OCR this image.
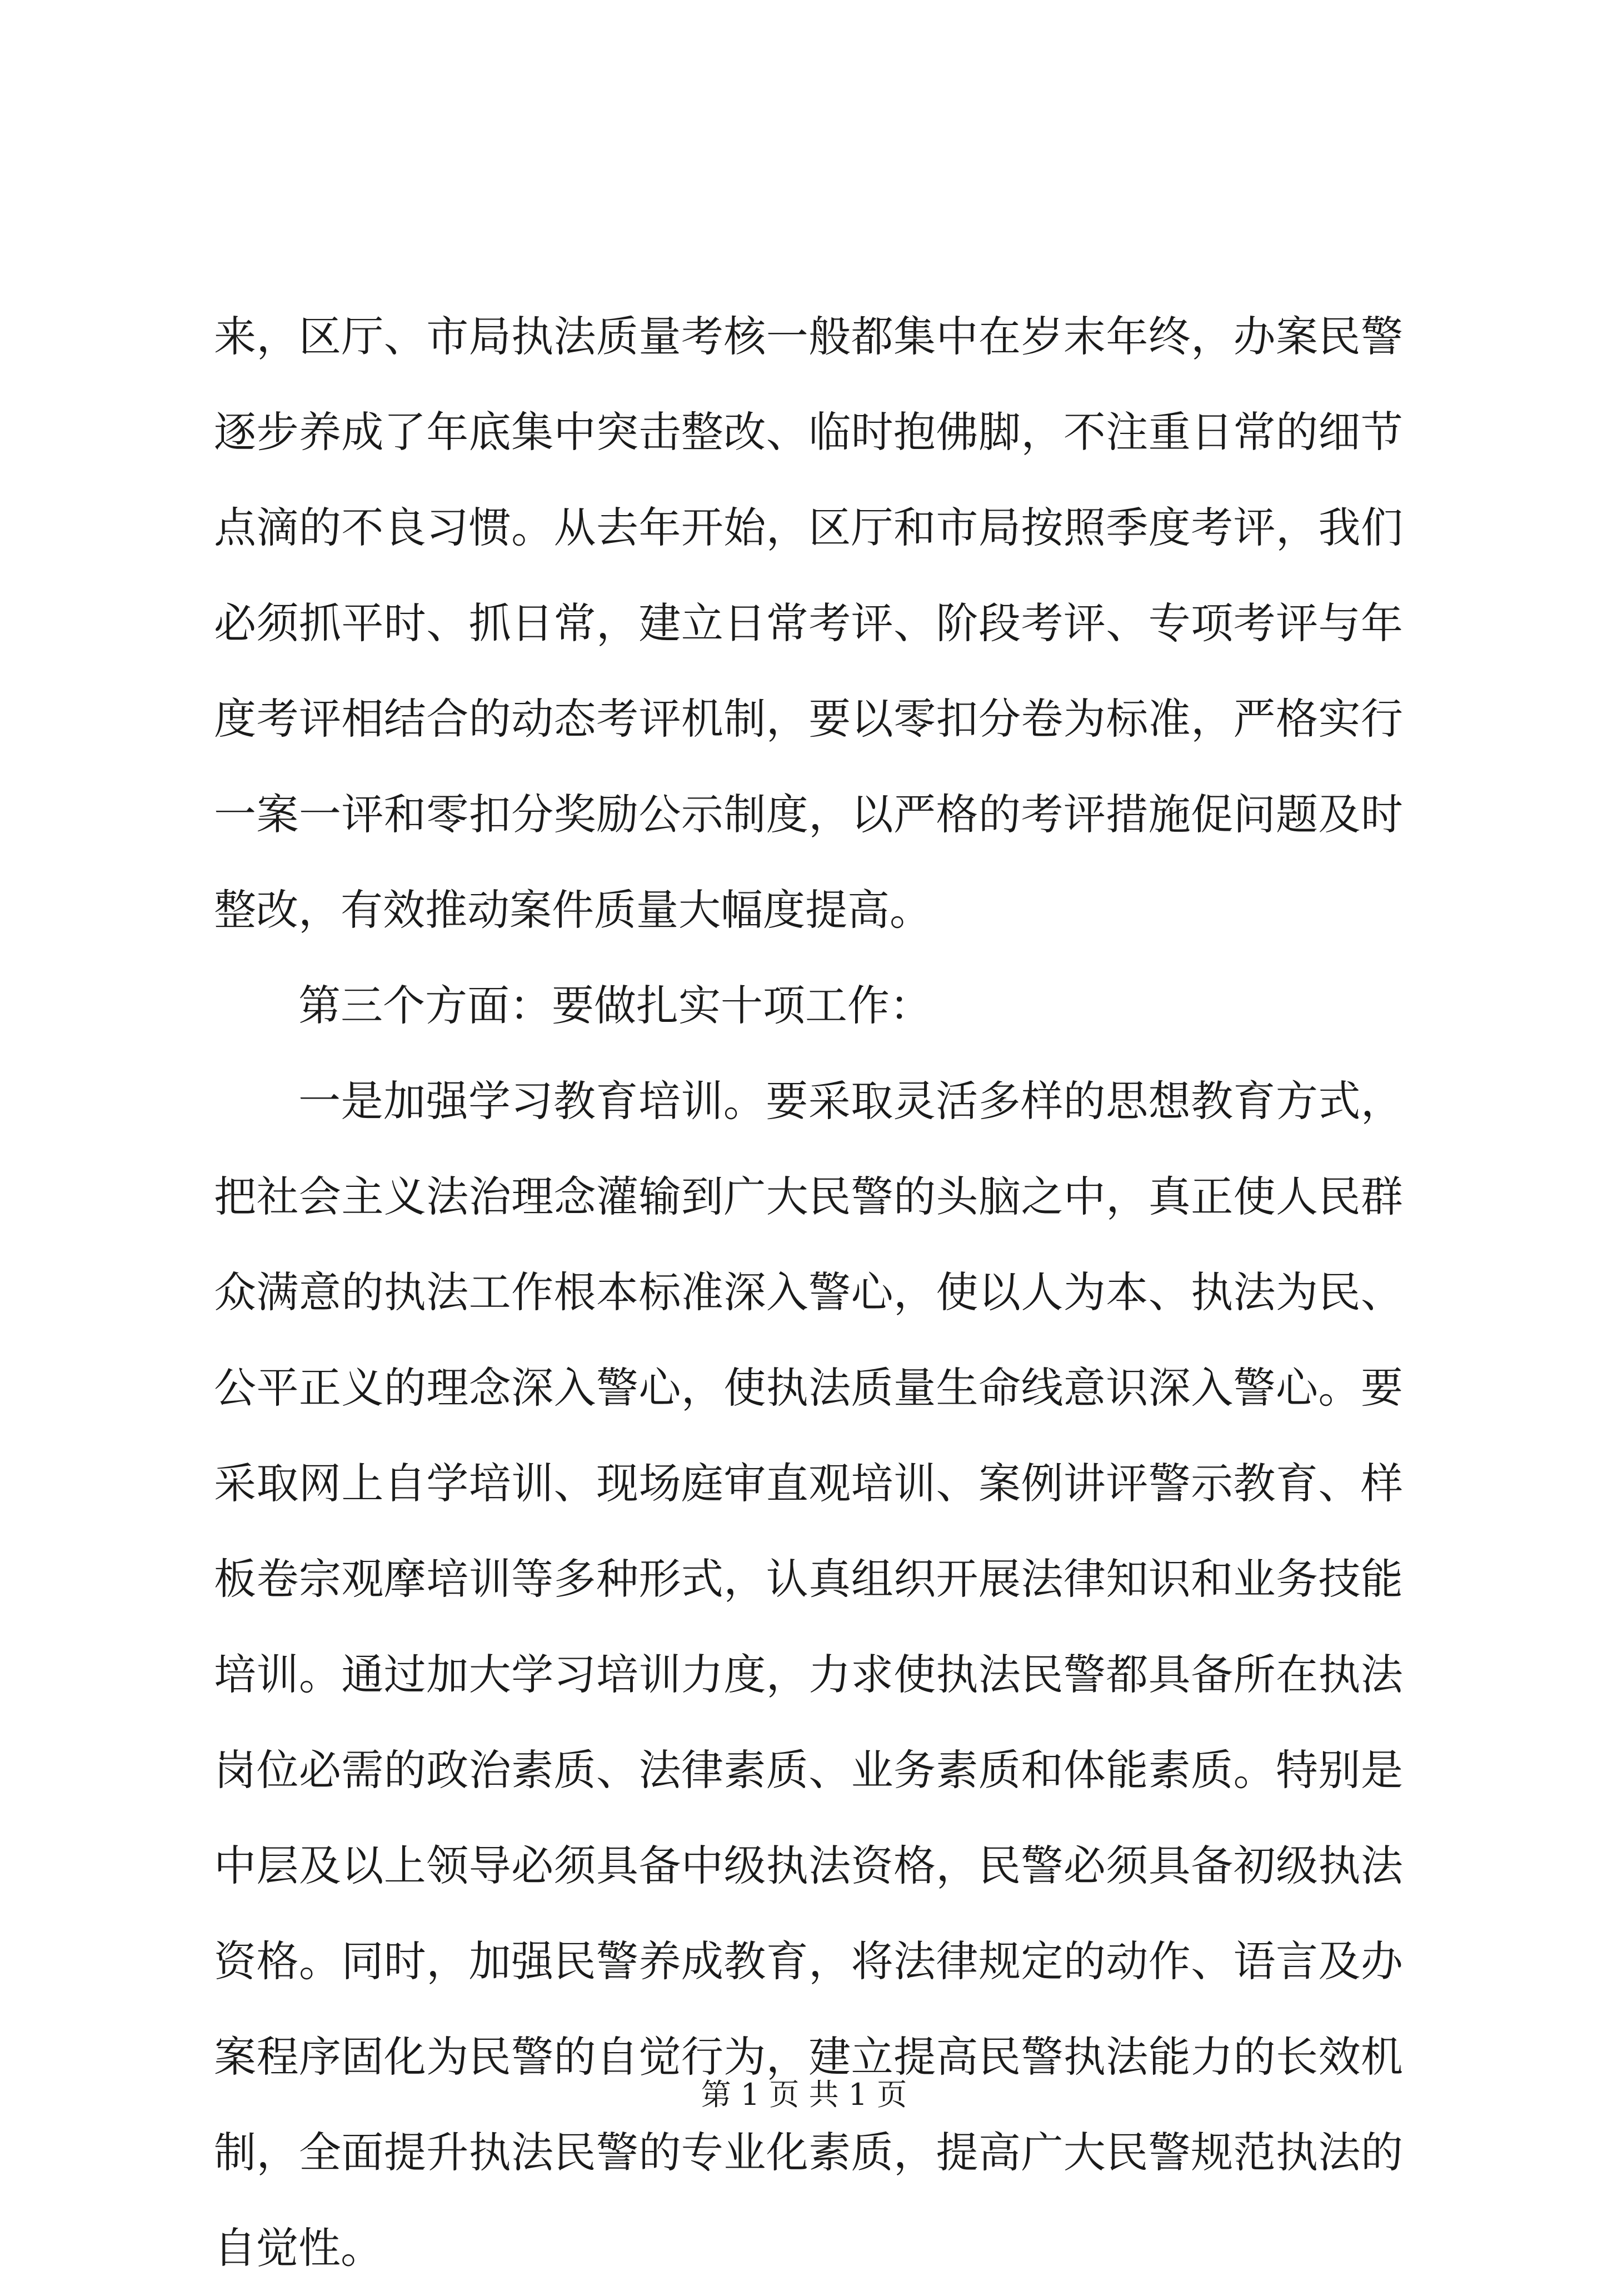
来，区厅、市局执法质量考核一般都集中在岁末年终，办案民警
逐步养成了年底集中突击整改、临时抱佛脚，不注重日常的细节
点滴的不良习惯。从去年开始，区厅和市局按照季度考评，我们
必须抓平时、抓日常，建立日常考评、阶段考评、专项考评与年
度考评相结合的动态考评机制，要以零扣分卷为标准，严格实行
一案一评和零扣分奖励公示制度，以严格的考评措施促问题及时
整改，有效推动案件质量大幅度提高。
第三个方面：要做扎实十项工作：
一是加强学习教育培训。要采取灵活多样的思想教育方式，
把社会主义法治理念灌输到广大民警的头脑之中，真正使人民群
众满意的执法工作根本标准深入警心，使以人为本、执法为民、
公平正义的理念深入警心，使执法质量生命线意识深入警心。要
采取网上自学培训、现场庭审直观培训、案例讲评警示教育、样
板卷宗观摩培训等多种形式，认真组织开展法律知识和业务技能
培训。通过加大学习培训力度，力求使执法民警都具备所在执法
岗位必需的政治素质、法律素质、业务素质和体能素质。特别是
中层及以上领导必须具备中级执法资格，民警必须具备初级执法
资格。同时，加强民警养成教育，将法律规定的动作、语言及办
案程序固化为民警的自觉行为，建立提高民警执法能力的长效机
制，全面提升执法民警的专业化素质，提高广大民警规范执法的
自觉性。
第 1 页 共 1 页
